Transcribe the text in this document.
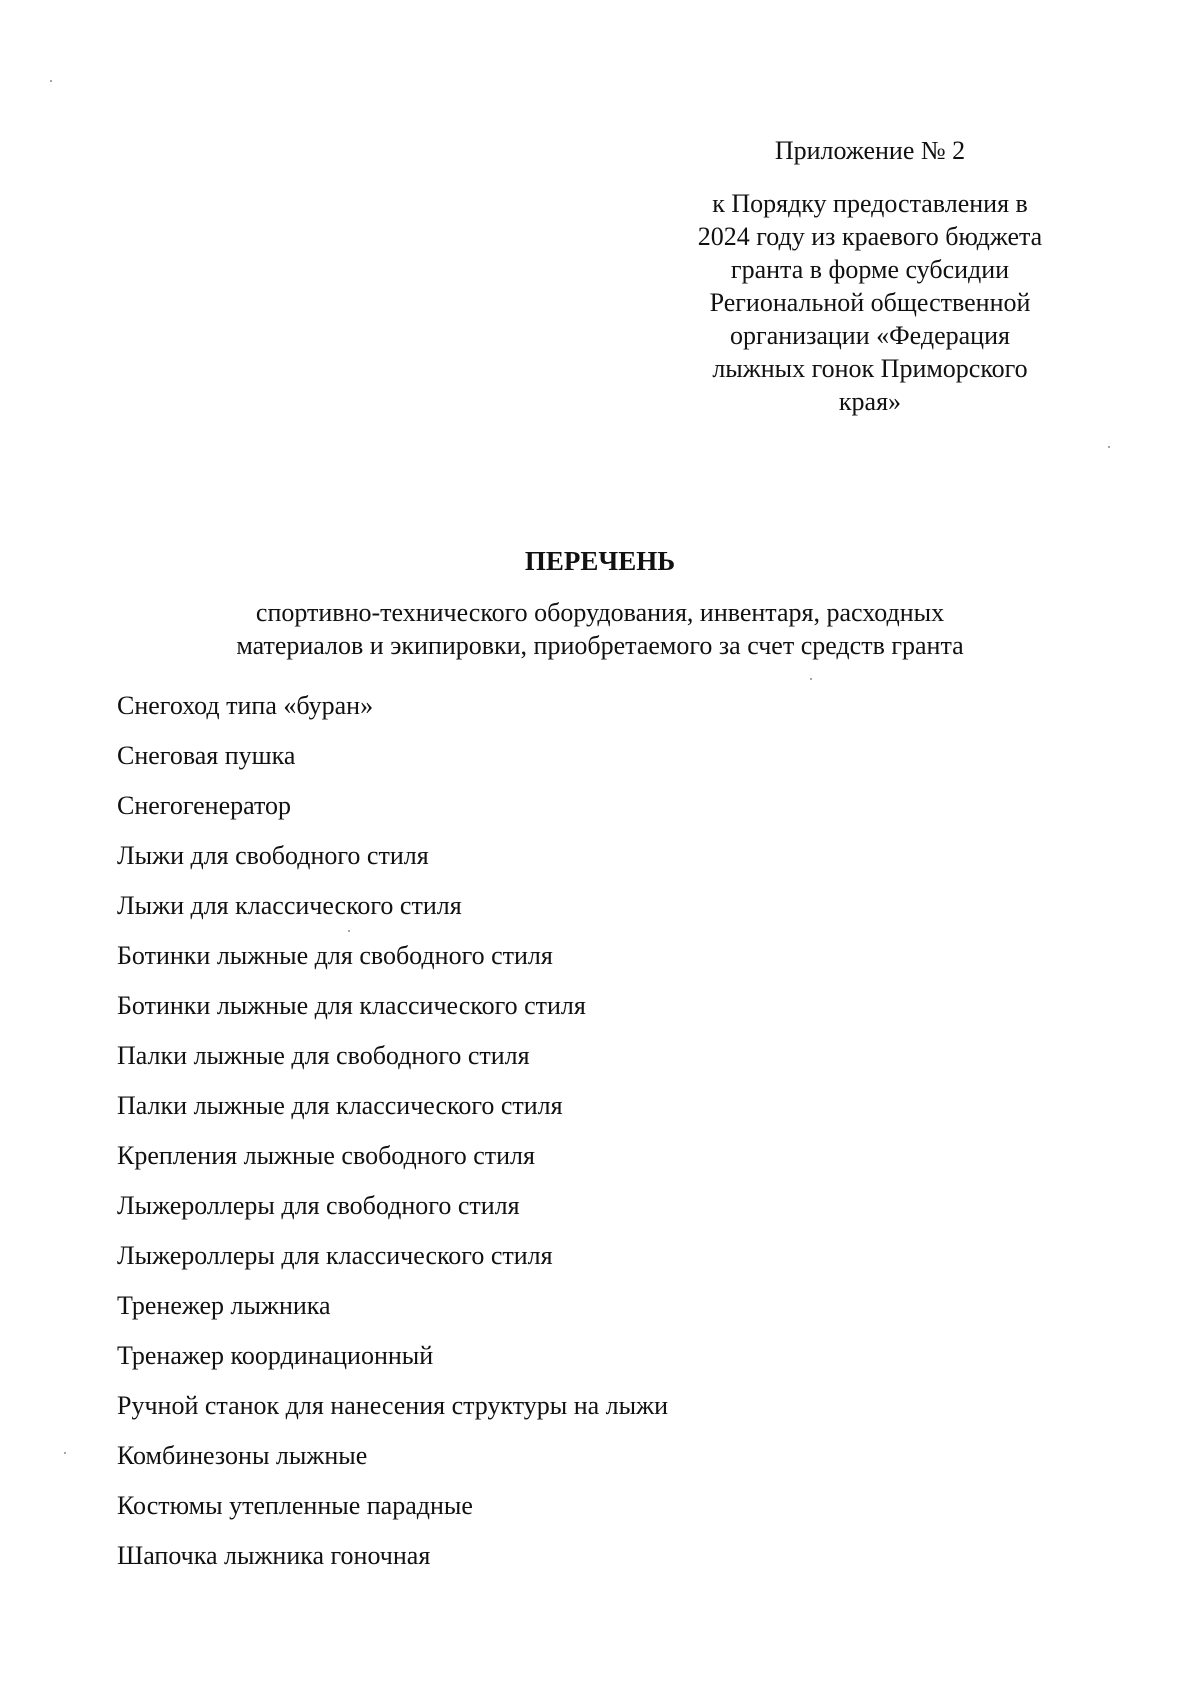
Приложение № 2
к Порядку предоставления в
2024 году из краевого бюджета
гранта в форме субсидии
Региональной общественной
организации «Федерация
лыжных гонок Приморского
края»
ПЕРЕЧЕНЬ
спортивно-технического оборудования, инвентаря, расходных
материалов и экипировки, приобретаемого за счет средств гранта
Снегоход типа «буран»
Снеговая пушка
Снегогенератор
Лыжи для свободного стиля
Лыжи для классического стиля
Ботинки лыжные для свободного стиля
Ботинки лыжные для классического стиля
Палки лыжные для свободного стиля
Палки лыжные для классического стиля
Крепления лыжные свободного стиля
Лыжероллеры для свободного стиля
Лыжероллеры для классического стиля
Тренежер лыжника
Тренажер координационный
Ручной станок для нанесения структуры на лыжи
Комбинезоны лыжные
Костюмы утепленные парадные
Шапочка лыжника гоночная
